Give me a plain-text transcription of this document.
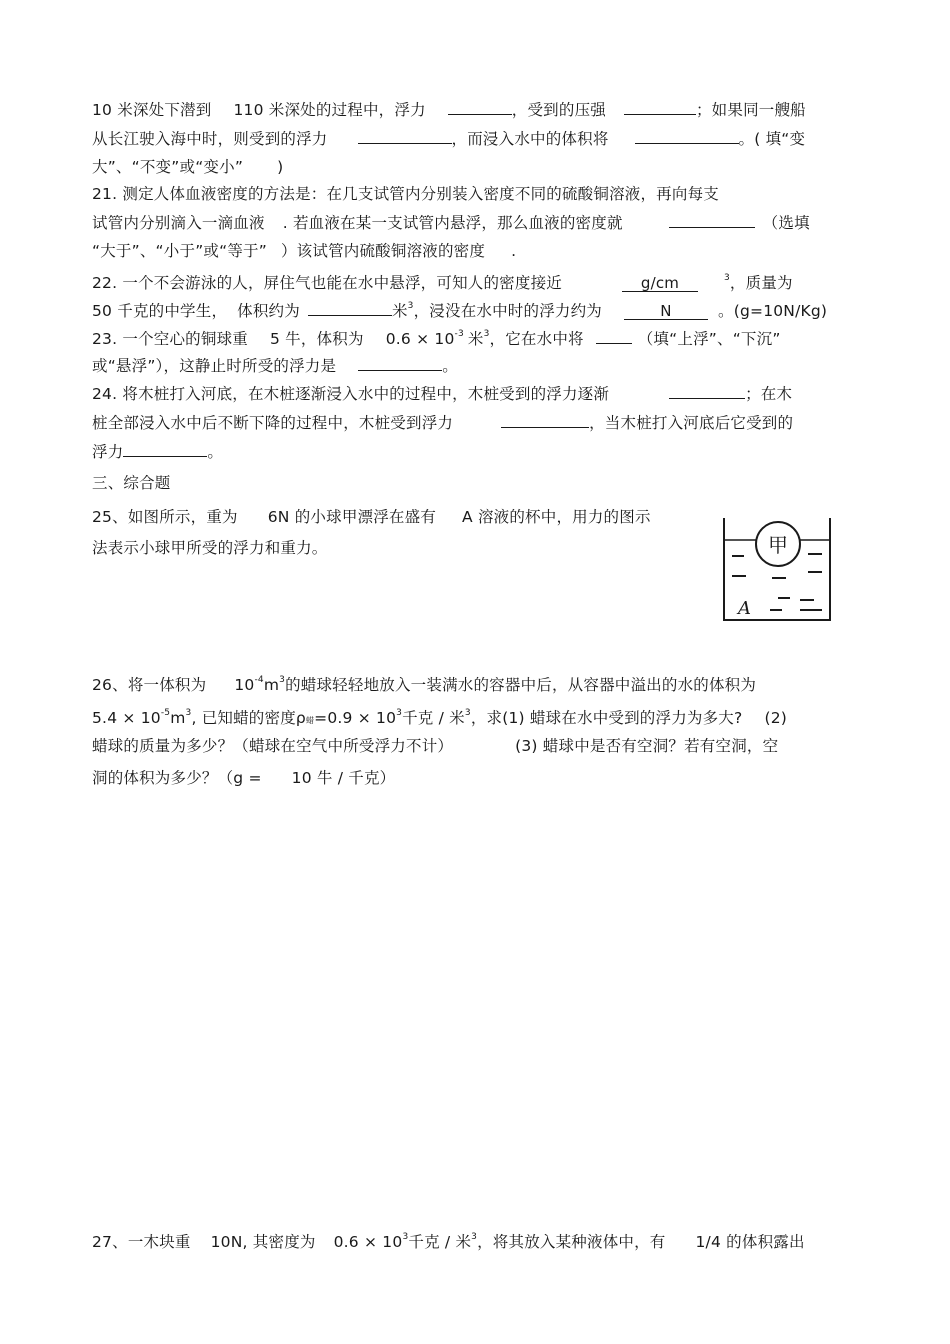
10 米深处下潜到 110 米深处的过程中，浮力	，受到的压强	；如果同一艘船
从长江驶入海中时，则受到的浮力	，而浸入水中的体积将	。( 填“变
大”、“不变”或“变小” )
21. 测定人体血液密度的方法是：在几支试管内分别装入密度不同的硫酸铜溶液，再向每支
试管内分别滴入一滴血液 . 若血液在某一支试管内悬浮，那么血液的密度就	（选填
“大于”、“小于”或“等于” ）该试管内硫酸铜溶液的密度 .
22. 一个不会游泳的人，屏住气也能在水中悬浮，可知人的密度接近	g/cm	$^3$，质量为
50 千克的中学生， 体积约为	米$^3$，浸没在水中时的浮力约为	N	。(g=10N/Kg)
23. 一个空心的铜球重 5 牛，体积为 $0.6 \times 10^{-3}$ 米$^3$，它在水中将	（填“上浮”、“下沉”
或“悬浮”），这静止时所受的浮力是	。
24. 将木桩打入河底，在木桩逐渐浸入水中的过程中，木桩受到的浮力逐渐	；在木
桩全部浸入水中后不断下降的过程中，木桩受到浮力	，当木桩打入河底后它受到的
浮力	。
三、综合题
25、如图所示，重为 6N 的小球甲漂浮在盛有 A 溶液的杯中，用力的图示
法表示小球甲所受的浮力和重力。	甲
A
26、将一体积为 $10^{-4}m^3$的蜡球轻轻地放入一装满水的容器中后，从容器中溢出的水的体积为
$5.4 \times 10^{-5}m^3$, 已知蜡的密度ρ蜡$=0.9 \times 10^3$千克 / 米$^3$，求(1) 蜡球在水中受到的浮力为多大? (2)
蜡球的质量为多少？（蜡球在空气中所受浮力不计）	(3) 蜡球中是否有空洞？若有空洞，空
洞的体积为多少？（g = 10 牛 / 千克）
27、一木块重 10N, 其密度为 $0.6 \times 10^3$千克 / 米$^3$，将其放入某种液体中，有 1/4 的体积露出
